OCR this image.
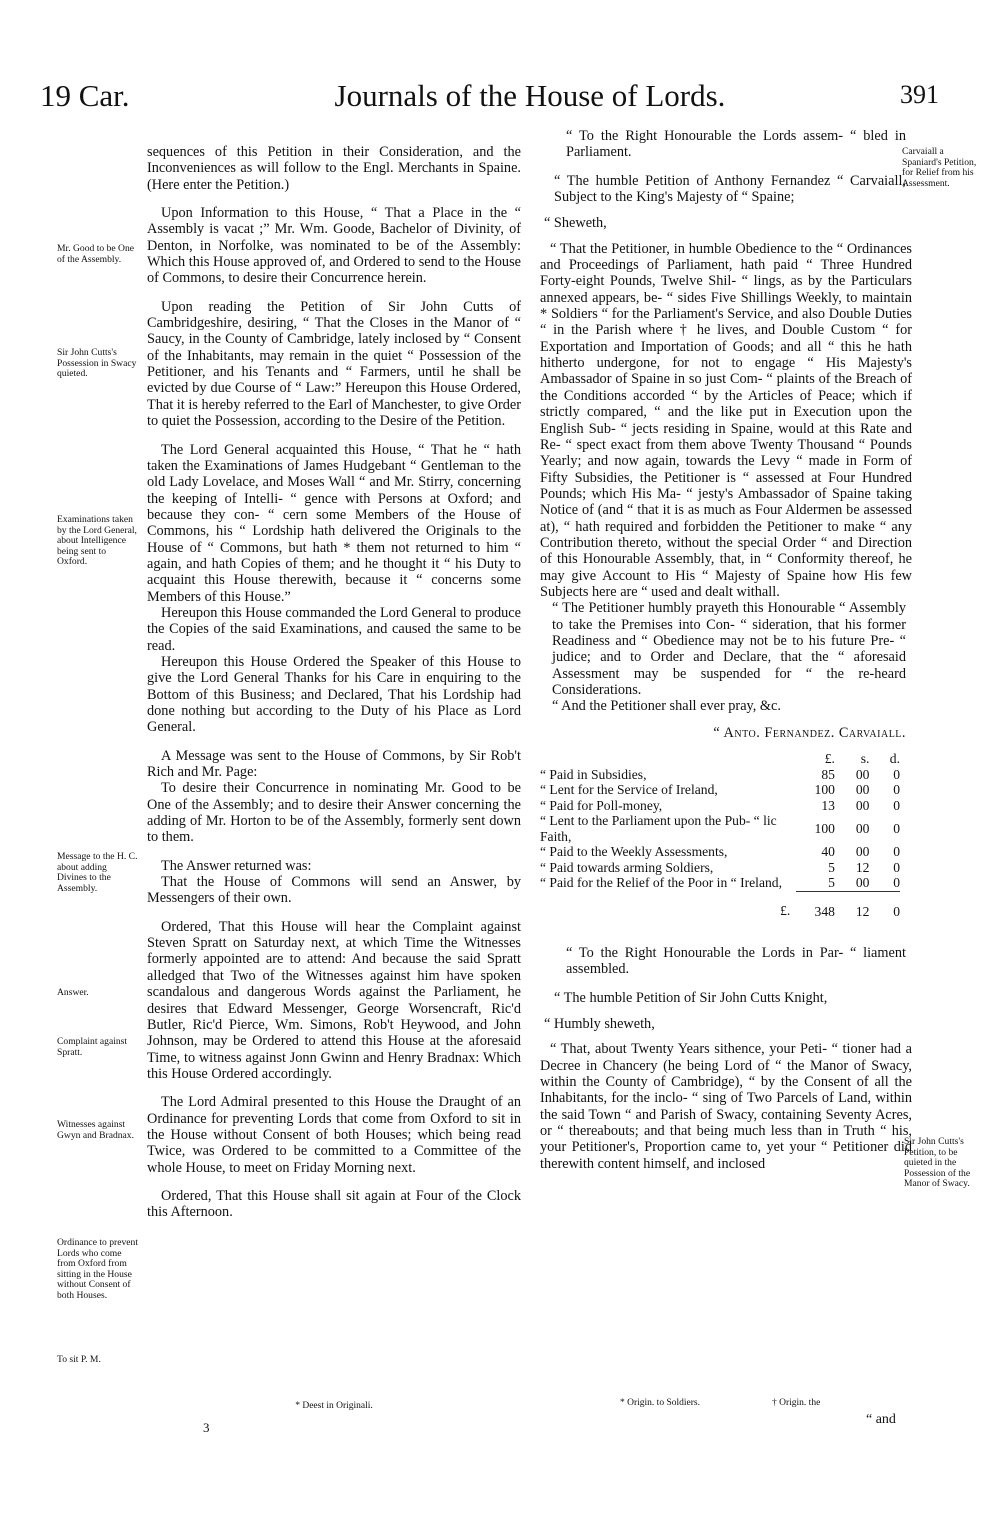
19 Car.	Journals of the House of Lords.	391

sequences of this Petition in their Consideration, and the Inconveniences as will follow to the Engl. Merchants in Spaine. (Here enter the Petition.)

Upon Information to this House, “ That a Place in the “ Assembly is vacat ;” Mr. Wm. Goode, Bachelor of Divinity, of Denton, in Norfolke, was nominated to be of the Assembly: Which this House approved of, and Ordered to send to the House of Commons, to desire their Concurrence herein.

Upon reading the Petition of Sir John Cutts of Cambridgeshire, desiring, “ That the Closes in the Manor of “ Saucy, in the County of Cambridge, lately inclosed by “ Consent of the Inhabitants, may remain in the quiet “ Possession of the Petitioner, and his Tenants and “ Farmers, until he shall be evicted by due Course of “ Law:” Hereupon this House Ordered, That it is hereby referred to the Earl of Manchester, to give Order to quiet the Possession, according to the Desire of the Petition.

The Lord General acquainted this House, “ That he “ hath taken the Examinations of James Hudgebant “ Gentleman to the old Lady Lovelace, and Moses Wall “ and Mr. Stirry, concerning the keeping of Intelli- “ gence with Persons at Oxford; and because they con- “ cern some Members of the House of Commons, his “ Lordship hath delivered the Originals to the House of “ Commons, but hath * them not returned to him “ again, and hath Copies of them; and he thought it “ his Duty to acquaint this House therewith, because it “ concerns some Members of this House.”

Hereupon this House commanded the Lord General to produce the Copies of the said Examinations, and caused the same to be read.

Hereupon this House Ordered the Speaker of this House to give the Lord General Thanks for his Care in enquiring to the Bottom of this Business; and Declared, That his Lordship had done nothing but according to the Duty of his Place as Lord General.

A Message was sent to the House of Commons, by Sir Rob't Rich and Mr. Page:

To desire their Concurrence in nominating Mr. Good to be One of the Assembly; and to desire their Answer concerning the adding of Mr. Horton to be of the Assembly, formerly sent down to them.

The Answer returned was:

That the House of Commons will send an Answer, by Messengers of their own.

Ordered, That this House will hear the Complaint against Steven Spratt on Saturday next, at which Time the Witnesses formerly appointed are to attend: And because the said Spratt alledged that Two of the Witnesses against him have spoken scandalous and dangerous Words against the Parliament, he desires that Edward Messenger, George Worsencraft, Ric'd Butler, Ric'd Pierce, Wm. Simons, Rob't Heywood, and John Johnson, may be Ordered to attend this House at the aforesaid Time, to witness against Jonn Gwinn and Henry Bradnax: Which this House Ordered accordingly.

The Lord Admiral presented to this House the Draught of an Ordinance for preventing Lords that come from Oxford to sit in the House without Consent of both Houses; which being read Twice, was Ordered to be committed to a Committee of the whole House, to meet on Friday Morning next.

Ordered, That this House shall sit again at Four of the Clock this Afternoon.

Mr. Good to be One of the Assembly.

Sir John Cutts's Possession in Swacy quieted.

Examinations taken by the Lord General, about Intelligence being sent to Oxford.

Message to the H. C. about adding Divines to the Assembly.

Answer.

Complaint against Spratt.

Witnesses against Gwyn and Bradnax.

Ordinance to prevent Lords who come from Oxford from sitting in the House without Consent of both Houses.

To sit P. M.

* Deest in Originali.
3

“ To the Right Honourable the Lords assem- “ bled in Parliament.

“ The humble Petition of Anthony Fernandez “ Carvaiall, Subject to the King's Majesty of “ Spaine;

“ Sheweth,

“ That the Petitioner, in humble Obedience to the “ Ordinances and Proceedings of Parliament, hath paid “ Three Hundred Forty-eight Pounds, Twelve Shil- “ lings, as by the Particulars annexed appears, be- “ sides Five Shillings Weekly, to maintain * Soldiers “ for the Parliament's Service, and also Double Duties “ in the Parish where † he lives, and Double Custom “ for Exportation and Importation of Goods; and all “ this he hath hitherto undergone, for not to engage “ His Majesty's Ambassador of Spaine in so just Com- “ plaints of the Breach of the Conditions accorded “ by the Articles of Peace; which if strictly compared, “ and the like put in Execution upon the English Sub- “ jects residing in Spaine, would at this Rate and Re- “ spect exact from them above Twenty Thousand “ Pounds Yearly; and now again, towards the Levy “ made in Form of Fifty Subsidies, the Petitioner is “ assessed at Four Hundred Pounds; which His Ma- “ jesty's Ambassador of Spaine taking Notice of (and “ that it is as much as Four Aldermen be assessed at), “ hath required and forbidden the Petitioner to make “ any Contribution thereto, without the special Order “ and Direction of this Honourable Assembly, that, in “ Conformity thereof, he may give Account to His “ Majesty of Spaine how His few Subjects here are “ used and dealt withall.

“ The Petitioner humbly prayeth this Honourable “ Assembly to take the Premises into Con- “ sideration, that his former Readiness and “ Obedience may not be to his future Pre- “ judice; and to Order and Declare, that the “ aforesaid Assessment may be suspended for “ the re-heard Considerations.

“ And the Petitioner shall ever pray, &c.

“ Anto. Fernandez. Carvaiall.

	£.	s.	d.
“ Paid in Subsidies,	85	00	0
“ Lent for the Service of Ireland,	100	00	0
“ Paid for Poll-money,	13	00	0
“ Lent to the Parliament upon the Pub- “ lic Faith,	100	00	0
“ Paid to the Weekly Assessments,	40	00	0
“ Paid towards arming Soldiers,	5	12	0
“ Paid for the Relief of the Poor in “ Ireland,	5	00	0
£.	348	12	0

“ To the Right Honourable the Lords in Par- “ liament assembled.

“ The humble Petition of Sir John Cutts Knight,

“ Humbly sheweth,

“ That, about Twenty Years sithence, your Peti- “ tioner had a Decree in Chancery (he being Lord of “ the Manor of Swacy, within the County of Cambridge), “ by the Consent of all the Inhabitants, for the inclo- “ sing of Two Parcels of Land, within the said Town “ and Parish of Swacy, containing Seventy Acres, or “ thereabouts; and that being much less than in Truth “ his, your Petitioner's, Proportion came to, yet your “ Petitioner did therewith content himself, and inclosed

Carvaiall a Spaniard's Petition, for Relief from his Assessment.

Sir John Cutts's Petition, to be quieted in the Possession of the Manor of Swacy.

* Origin. to Soldiers.	† Origin. the
“ and
